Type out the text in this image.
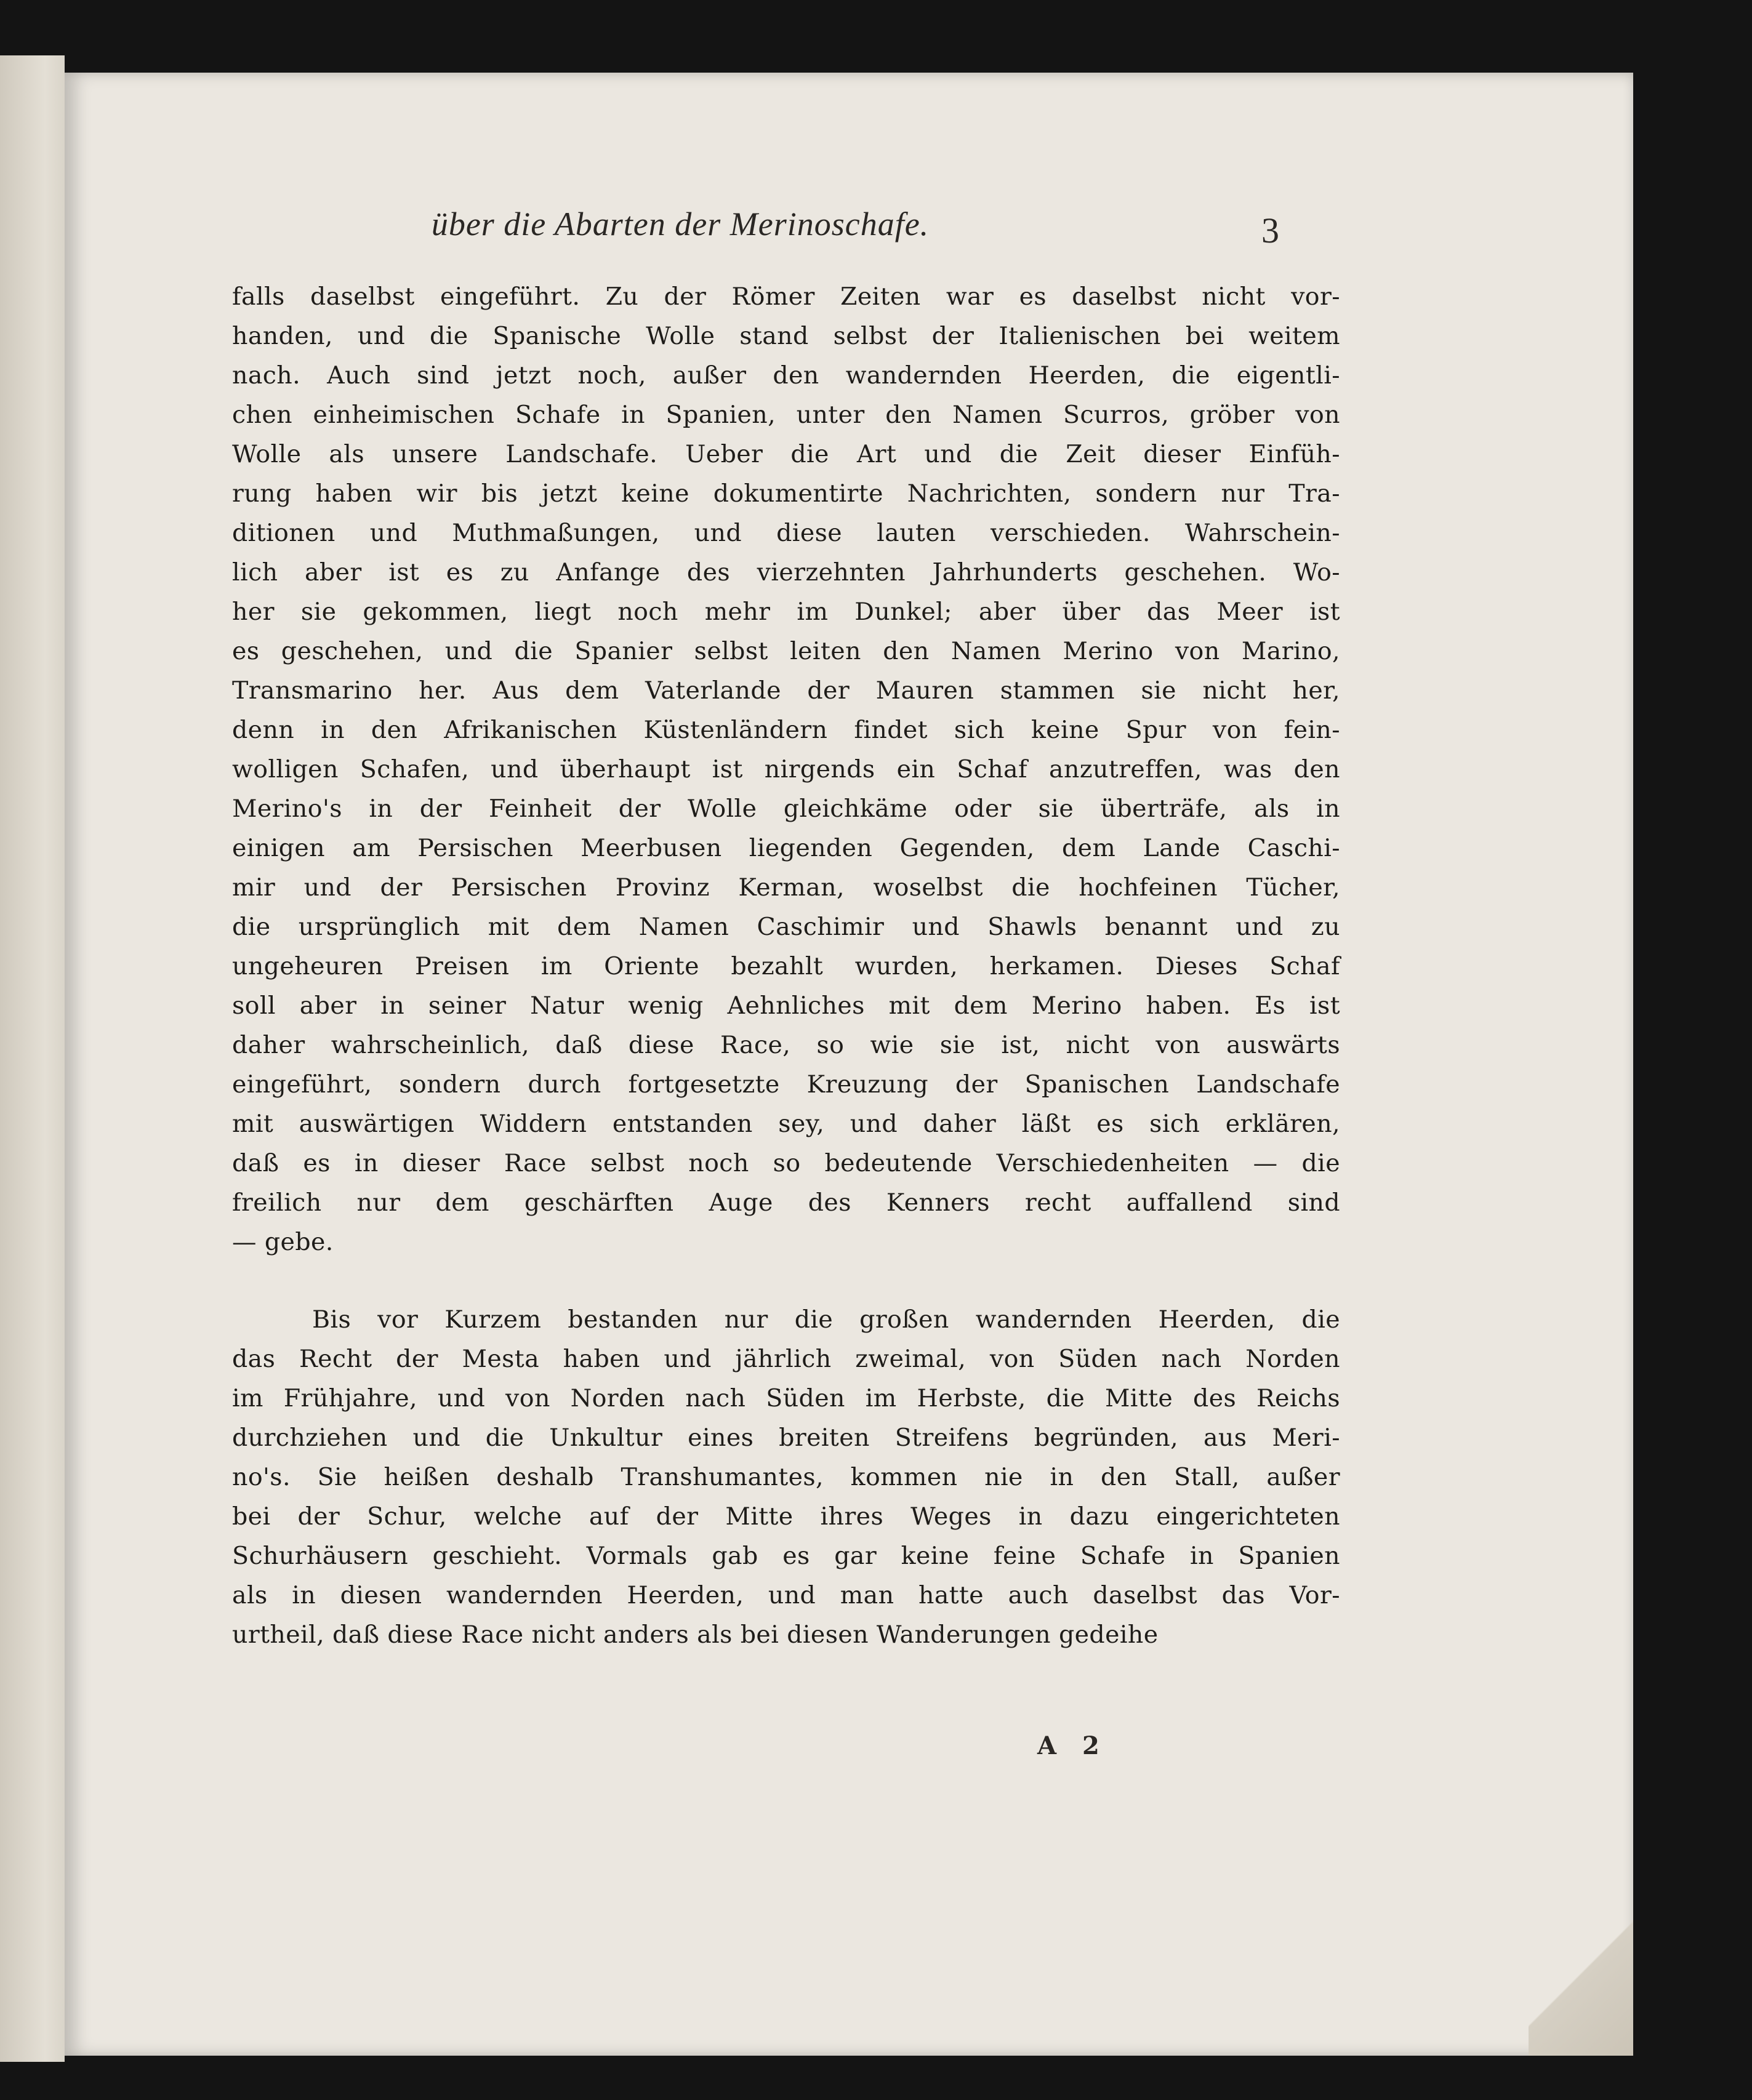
über die Abarten der Merinoschafe.	3
falls daselbst eingeführt. Zu der Römer Zeiten war es daselbst nicht vor-
handen, und die Spanische Wolle stand selbst der Italienischen bei weitem
nach. Auch sind jetzt noch, außer den wandernden Heerden, die eigentli-
chen einheimischen Schafe in Spanien, unter den Namen Scurros, gröber von
Wolle als unsere Landschafe. Ueber die Art und die Zeit dieser Einfüh-
rung haben wir bis jetzt keine dokumentirte Nachrichten, sondern nur Tra-
ditionen und Muthmaßungen, und diese lauten verschieden. Wahrschein-
lich aber ist es zu Anfange des vierzehnten Jahrhunderts geschehen. Wo-
her sie gekommen, liegt noch mehr im Dunkel; aber über das Meer ist
es geschehen, und die Spanier selbst leiten den Namen Merino von Marino,
Transmarino her. Aus dem Vaterlande der Mauren stammen sie nicht her,
denn in den Afrikanischen Küstenländern findet sich keine Spur von fein-
wolligen Schafen, und überhaupt ist nirgends ein Schaf anzutreffen, was den
Merino's in der Feinheit der Wolle gleichkäme oder sie überträfe, als in
einigen am Persischen Meerbusen liegenden Gegenden, dem Lande Caschi-
mir und der Persischen Provinz Kerman, woselbst die hochfeinen Tücher,
die ursprünglich mit dem Namen Caschimir und Shawls benannt und zu
ungeheuren Preisen im Oriente bezahlt wurden, herkamen. Dieses Schaf
soll aber in seiner Natur wenig Aehnliches mit dem Merino haben. Es ist
daher wahrscheinlich, daß diese Race, so wie sie ist, nicht von auswärts
eingeführt, sondern durch fortgesetzte Kreuzung der Spanischen Landschafe
mit auswärtigen Widdern entstanden sey, und daher läßt es sich erklären,
daß es in dieser Race selbst noch so bedeutende Verschiedenheiten — die
freilich nur dem geschärften Auge des Kenners recht auffallend sind
— gebe.
Bis vor Kurzem bestanden nur die großen wandernden Heerden, die
das Recht der Mesta haben und jährlich zweimal, von Süden nach Norden
im Frühjahre, und von Norden nach Süden im Herbste, die Mitte des Reichs
durchziehen und die Unkultur eines breiten Streifens begründen, aus Meri-
no's. Sie heißen deshalb Transhumantes, kommen nie in den Stall, außer
bei der Schur, welche auf der Mitte ihres Weges in dazu eingerichteten
Schurhäusern geschieht. Vormals gab es gar keine feine Schafe in Spanien
als in diesen wandernden Heerden, und man hatte auch daselbst das Vor-
urtheil, daß diese Race nicht anders als bei diesen Wanderungen gedeihe
A 2
